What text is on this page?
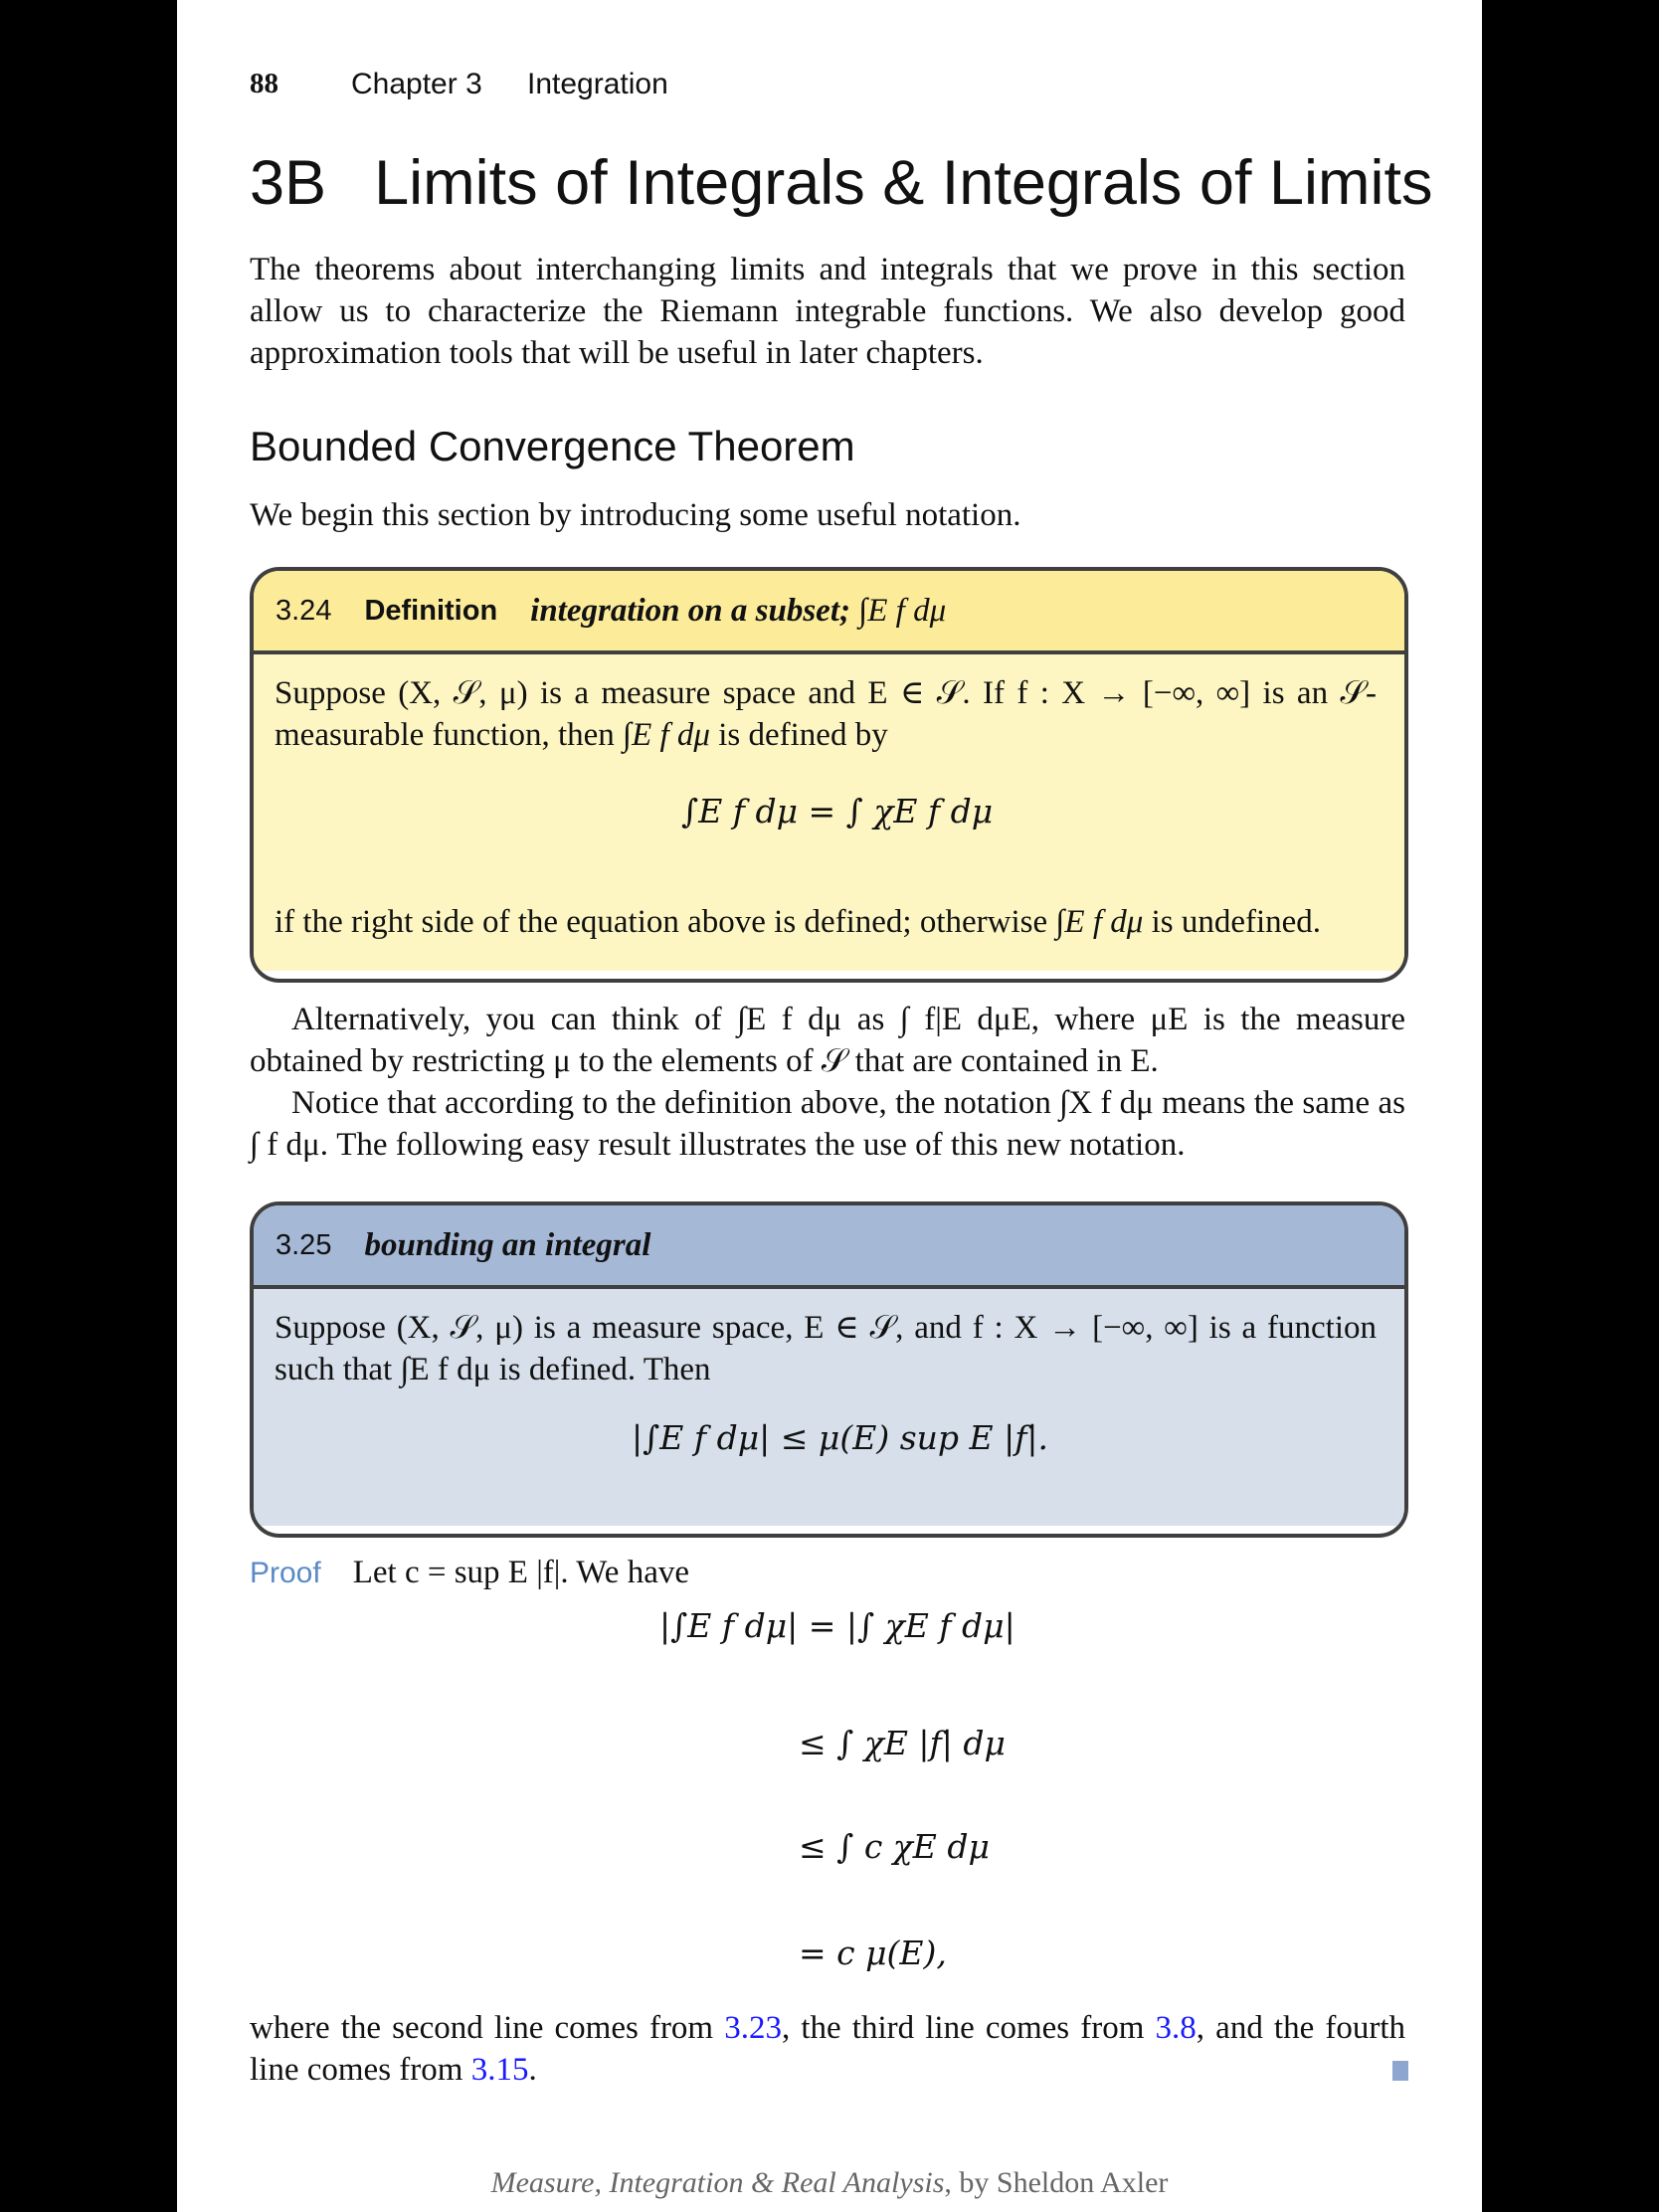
88 Chapter 3 Integration
3B Limits of Integrals & Integrals of Limits

The theorems about interchanging limits and integrals that we prove in this section allow us to characterize the Riemann integrable functions. We also develop good approximation tools that will be useful in later chapters.

Bounded Convergence Theorem

We begin this section by introducing some useful notation.

3.24 Definition integration on a subset; ∫E f dμ

Suppose (X, 𝒮, μ) is a measure space and E ∈ 𝒮. If f : X → [−∞, ∞] is an 𝒮-measurable function, then ∫E f dμ is defined by

∫E f dμ = ∫ χE f dμ

if the right side of the equation above is defined; otherwise ∫E f dμ is undefined.

Alternatively, you can think of ∫E f dμ as ∫ f|E dμE, where μE is the measure obtained by restricting μ to the elements of 𝒮 that are contained in E.

Notice that according to the definition above, the notation ∫X f dμ means the same as ∫ f dμ. The following easy result illustrates the use of this new notation.

3.25 bounding an integral

Suppose (X, 𝒮, μ) is a measure space, E ∈ 𝒮, and f : X → [−∞, ∞] is a function such that ∫E f dμ is defined. Then

|∫E f dμ| ≤ μ(E) sup E |f|.
Proof Let c = sup E |f|. We have
|∫E f dμ| = |∫ χE f dμ|
≤ ∫ χE |f| dμ
≤ ∫ c χE dμ
= c μ(E),

where the second line comes from 3.23, the third line comes from 3.8, and the fourth line comes from 3.15.

Measure, Integration & Real Analysis, by Sheldon Axler
